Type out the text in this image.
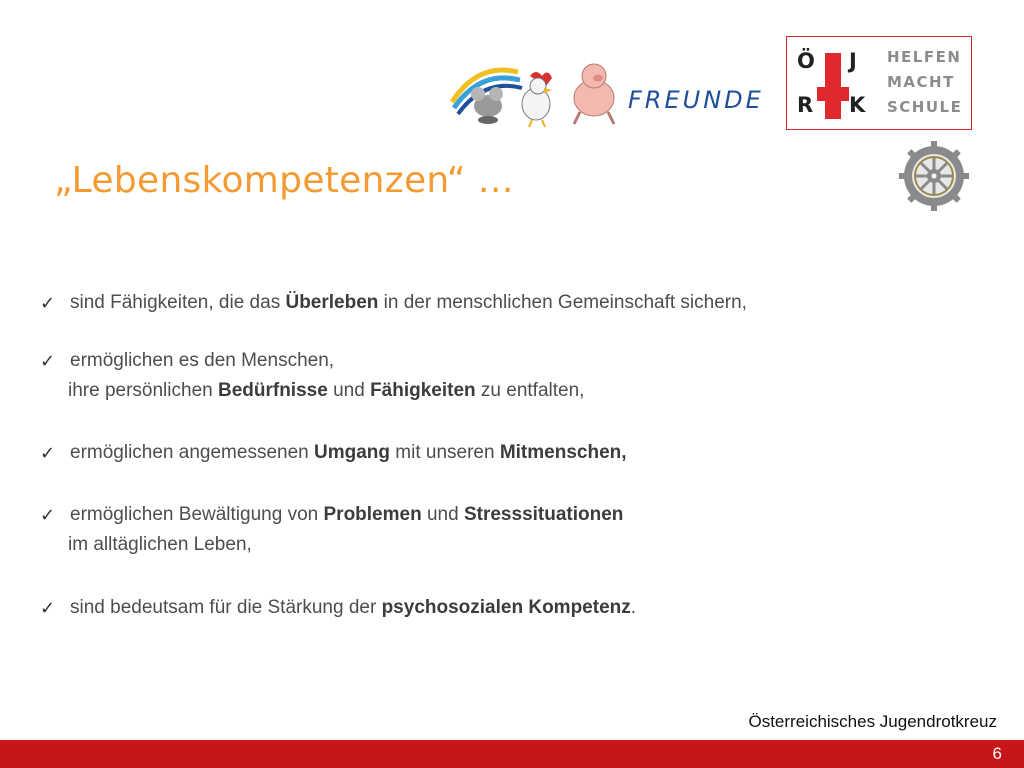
FREUNDE
Ö J
R K
HELFEN
MACHT
SCHULE
„Lebenskompetenzen“ …
✓ sind Fähigkeiten, die das Überleben in der menschlichen Gemeinschaft sichern,
✓ ermöglichen es den Menschen,
ihre persönlichen Bedürfnisse und Fähigkeiten zu entfalten,
✓ ermöglichen angemessenen Umgang mit unseren Mitmenschen,
✓ ermöglichen Bewältigung von Problemen und Stresssituationen
im alltäglichen Leben,
✓ sind bedeutsam für die Stärkung der psychosozialen Kompetenz.
Österreichisches Jugendrotkreuz
6
